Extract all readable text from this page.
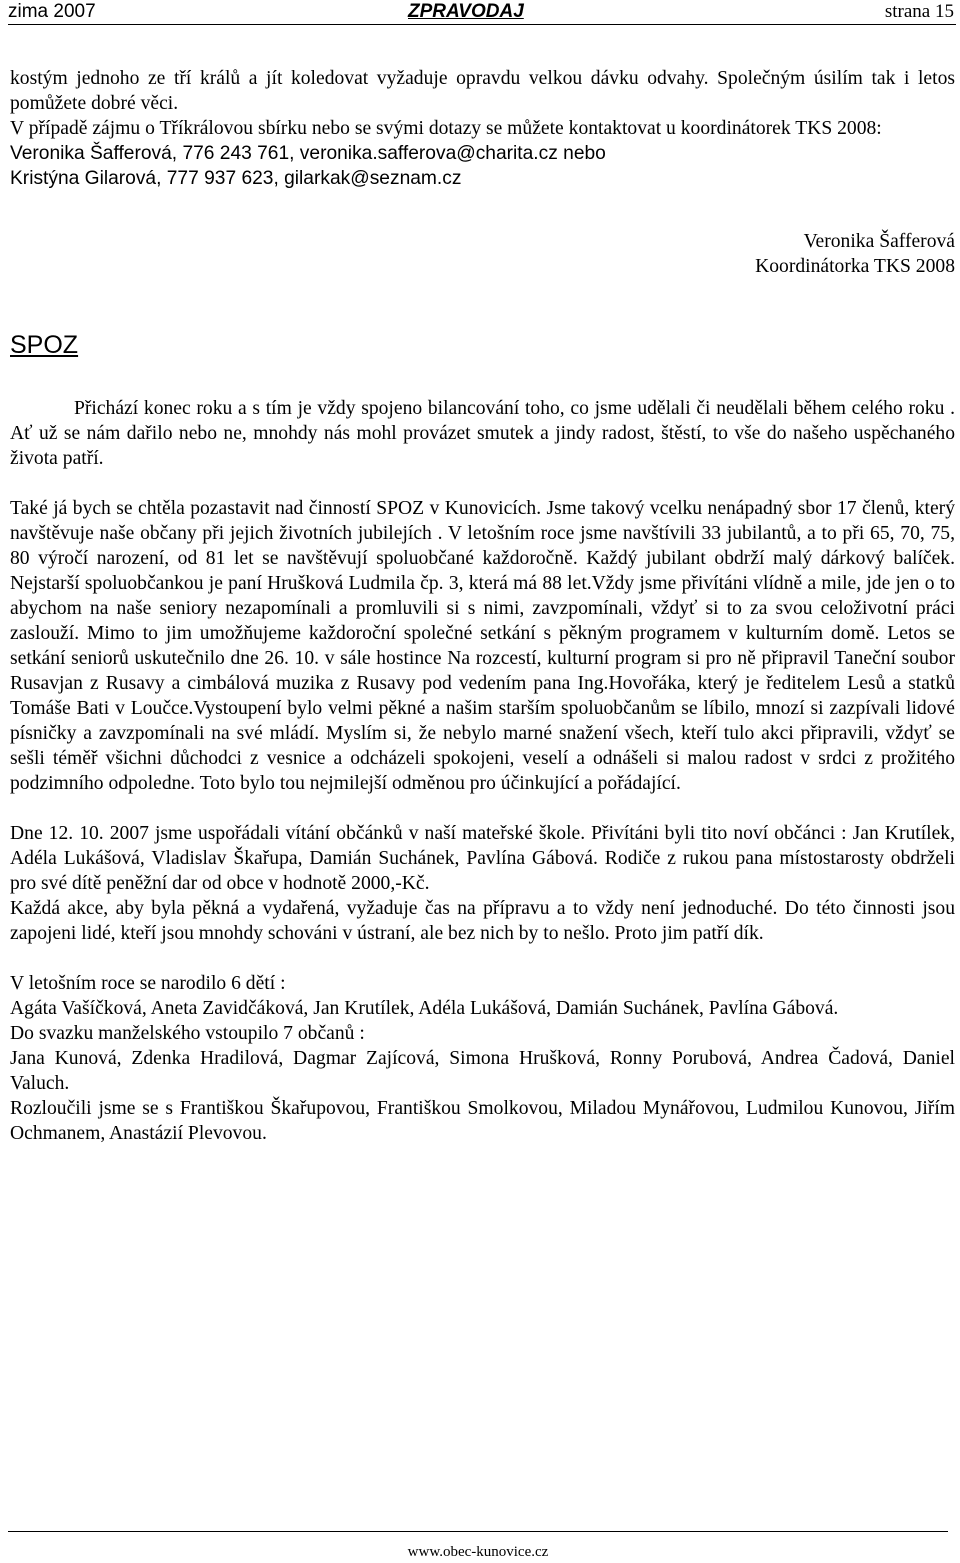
zima 2007	ZPRAVODAJ	strana 15

kostým jednoho ze tří králů a jít koledovat vyžaduje opravdu velkou dávku odvahy. Společným úsilím tak i letos pomůžete dobré věci.

V případě zájmu o Tříkrálovou sbírku nebo se svými dotazy se můžete kontaktovat u koordinátorek TKS 2008:

Veronika Šafferová, 776 243 761, veronika.safferova@charita.cz nebo

Kristýna Gilarová, 777 937 623, gilarkak@seznam.cz

Veronika Šafferová

Koordinátorka TKS 2008

SPOZ

Přichází konec roku a s tím je vždy spojeno bilancování toho, co jsme udělali či neudělali během celého roku . Ať už se nám dařilo nebo ne, mnohdy nás mohl provázet smutek a jindy radost, štěstí, to vše do našeho uspěchaného života patří.

Také já bych se chtěla pozastavit nad činností SPOZ v Kunovicích. Jsme takový vcelku nenápadný sbor 17 členů, který navštěvuje naše občany při jejich životních jubilejích . V letošním roce jsme navštívili 33 jubilantů, a to při 65, 70, 75, 80 výročí narození, od 81 let se navštěvují spoluobčané každoročně. Každý jubilant obdrží malý dárkový balíček. Nejstarší spoluobčankou je paní Hrušková Ludmila čp. 3, která má 88 let.Vždy jsme přivítáni vlídně a mile, jde jen o to abychom na naše seniory nezapomínali a promluvili si s nimi, zavzpomínali, vždyť si to za svou celoživotní práci zaslouží. Mimo to jim umožňujeme každoroční společné setkání s pěkným programem v kulturním domě. Letos se setkání seniorů uskutečnilo dne 26. 10. v sále hostince Na rozcestí, kulturní program si pro ně připravil Taneční soubor Rusavjan z Rusavy a cimbálová muzika z Rusavy pod vedením pana Ing.Hovořáka, který je ředitelem Lesů a statků Tomáše Bati v Loučce.Vystoupení bylo velmi pěkné a našim starším spoluobčanům se líbilo, mnozí si zazpívali lidové písničky a zavzpomínali na své mládí. Myslím si, že nebylo marné snažení všech, kteří tulo akci připravili, vždyť se sešli téměř všichni důchodci z vesnice a odcházeli spokojeni, veselí a odnášeli si malou radost v srdci z prožitého podzimního odpoledne. Toto bylo tou nejmilejší odměnou pro účinkující a pořádající.

Dne 12. 10. 2007 jsme uspořádali vítání občánků v naší mateřské škole. Přivítáni byli tito noví občánci : Jan Krutílek, Adéla Lukášová, Vladislav Škařupa, Damián Suchánek, Pavlína Gábová. Rodiče z rukou pana místostarosty obdrželi pro své dítě peněžní dar od obce v hodnotě 2000,-Kč.

Každá akce, aby byla pěkná a vydařená, vyžaduje čas na přípravu a to vždy není jednoduché. Do této činnosti jsou zapojeni lidé, kteří jsou mnohdy schováni v ústraní, ale bez nich by to nešlo. Proto jim patří dík.

V letošním roce se narodilo 6 dětí :

Agáta Vašíčková, Aneta Zavidčáková, Jan Krutílek, Adéla Lukášová, Damián Suchánek, Pavlína Gábová.

Do svazku manželského vstoupilo 7 občanů :

Jana Kunová, Zdenka Hradilová, Dagmar Zajícová, Simona Hrušková, Ronny Porubová, Andrea Čadová, Daniel Valuch.

Rozloučili jsme se s Františkou Škařupovou, Františkou Smolkovou, Miladou Mynářovou, Ludmilou Kunovou, Jiřím Ochmanem, Anastázií Plevovou.

www.obec-kunovice.cz
